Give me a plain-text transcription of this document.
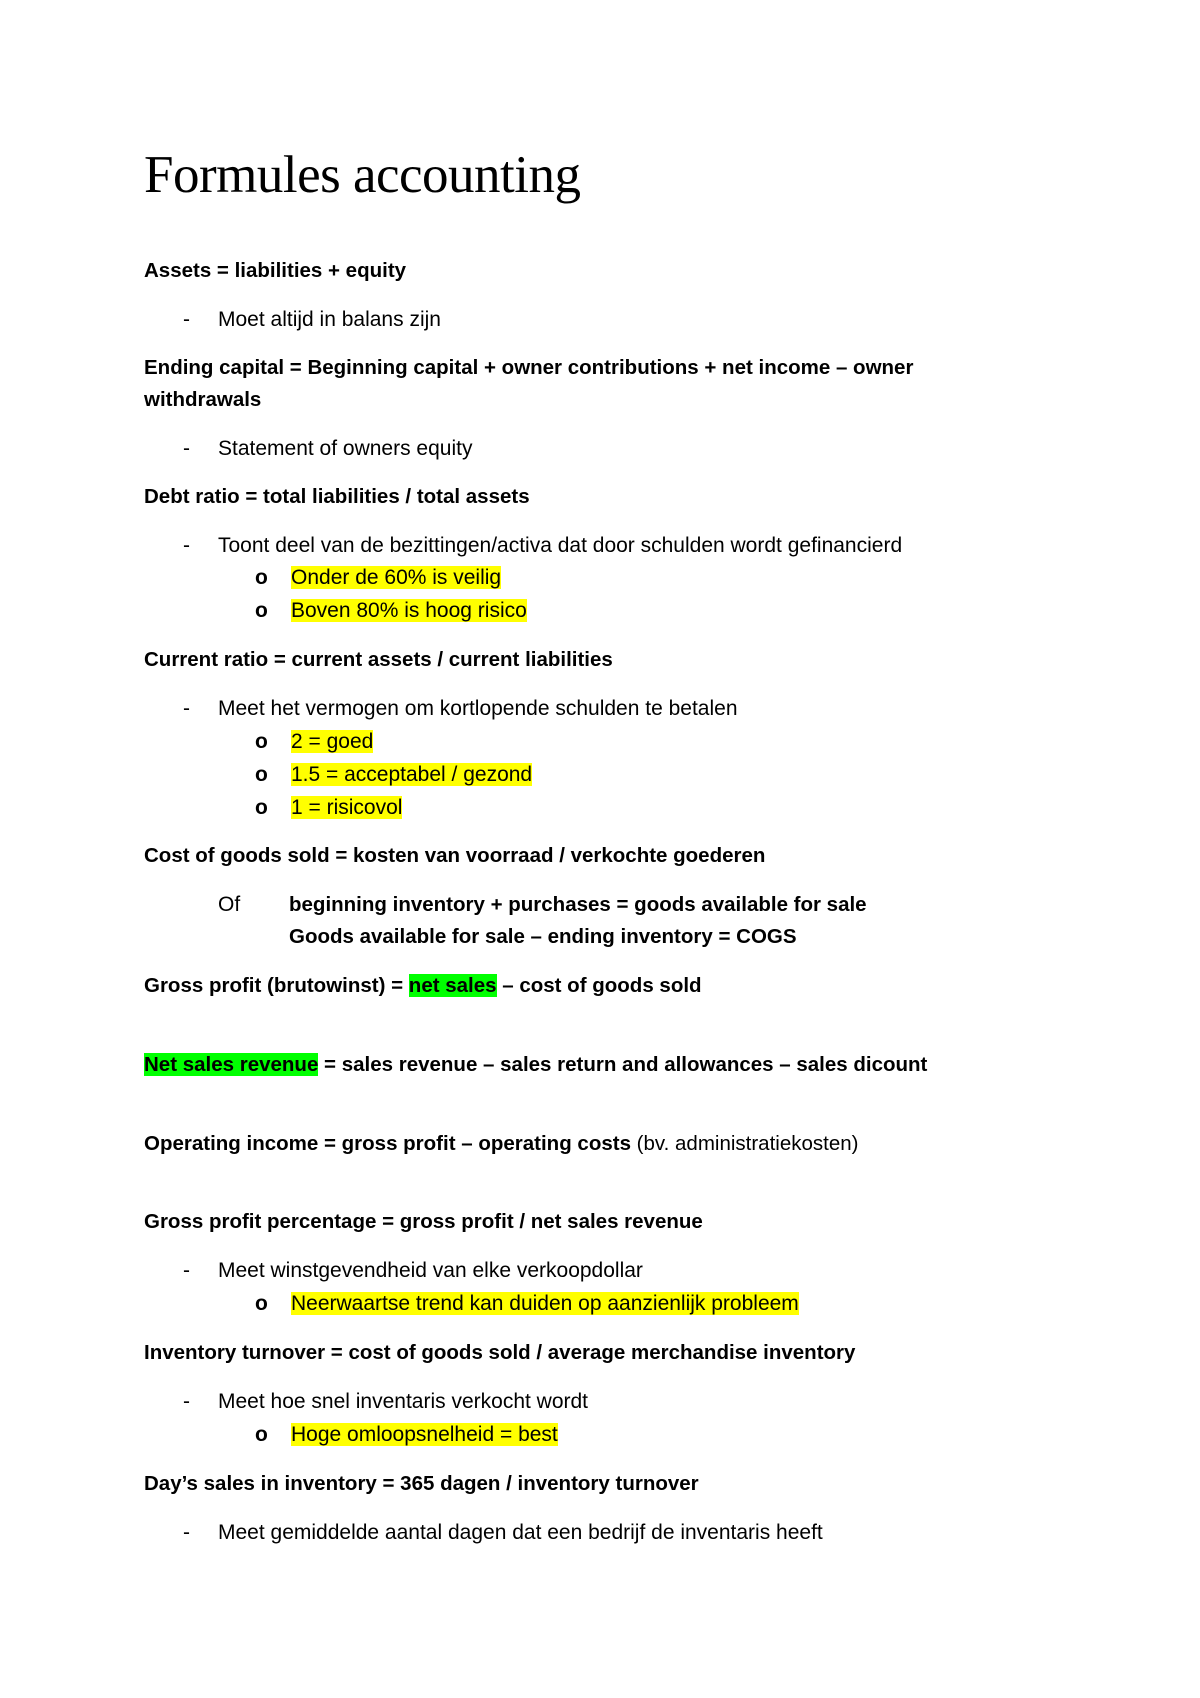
Formules accounting
Assets = liabilities + equity
- Moet altijd in balans zijn
Ending capital = Beginning capital + owner contributions + net income – owner
withdrawals
- Statement of owners equity
Debt ratio = total liabilities / total assets
- Toont deel van de bezittingen/activa dat door schulden wordt gefinancierd
o Onder de 60% is veilig
o Boven 80% is hoog risico
Current ratio = current assets / current liabilities
- Meet het vermogen om kortlopende schulden te betalen
o 2 = goed
o 1.5 = acceptabel / gezond
o 1 = risicovol
Cost of goods sold = kosten van voorraad / verkochte goederen
Of beginning inventory + purchases = goods available for sale
Goods available for sale – ending inventory = COGS
Gross profit (brutowinst) = net sales – cost of goods sold
Net sales revenue = sales revenue – sales return and allowances – sales dicount
Operating income = gross profit – operating costs (bv. administratiekosten)
Gross profit percentage = gross profit / net sales revenue
- Meet winstgevendheid van elke verkoopdollar
o Neerwaartse trend kan duiden op aanzienlijk probleem
Inventory turnover = cost of goods sold / average merchandise inventory
- Meet hoe snel inventaris verkocht wordt
o Hoge omloopsnelheid = best
Day’s sales in inventory = 365 dagen / inventory turnover
- Meet gemiddelde aantal dagen dat een bedrijf de inventaris heeft
